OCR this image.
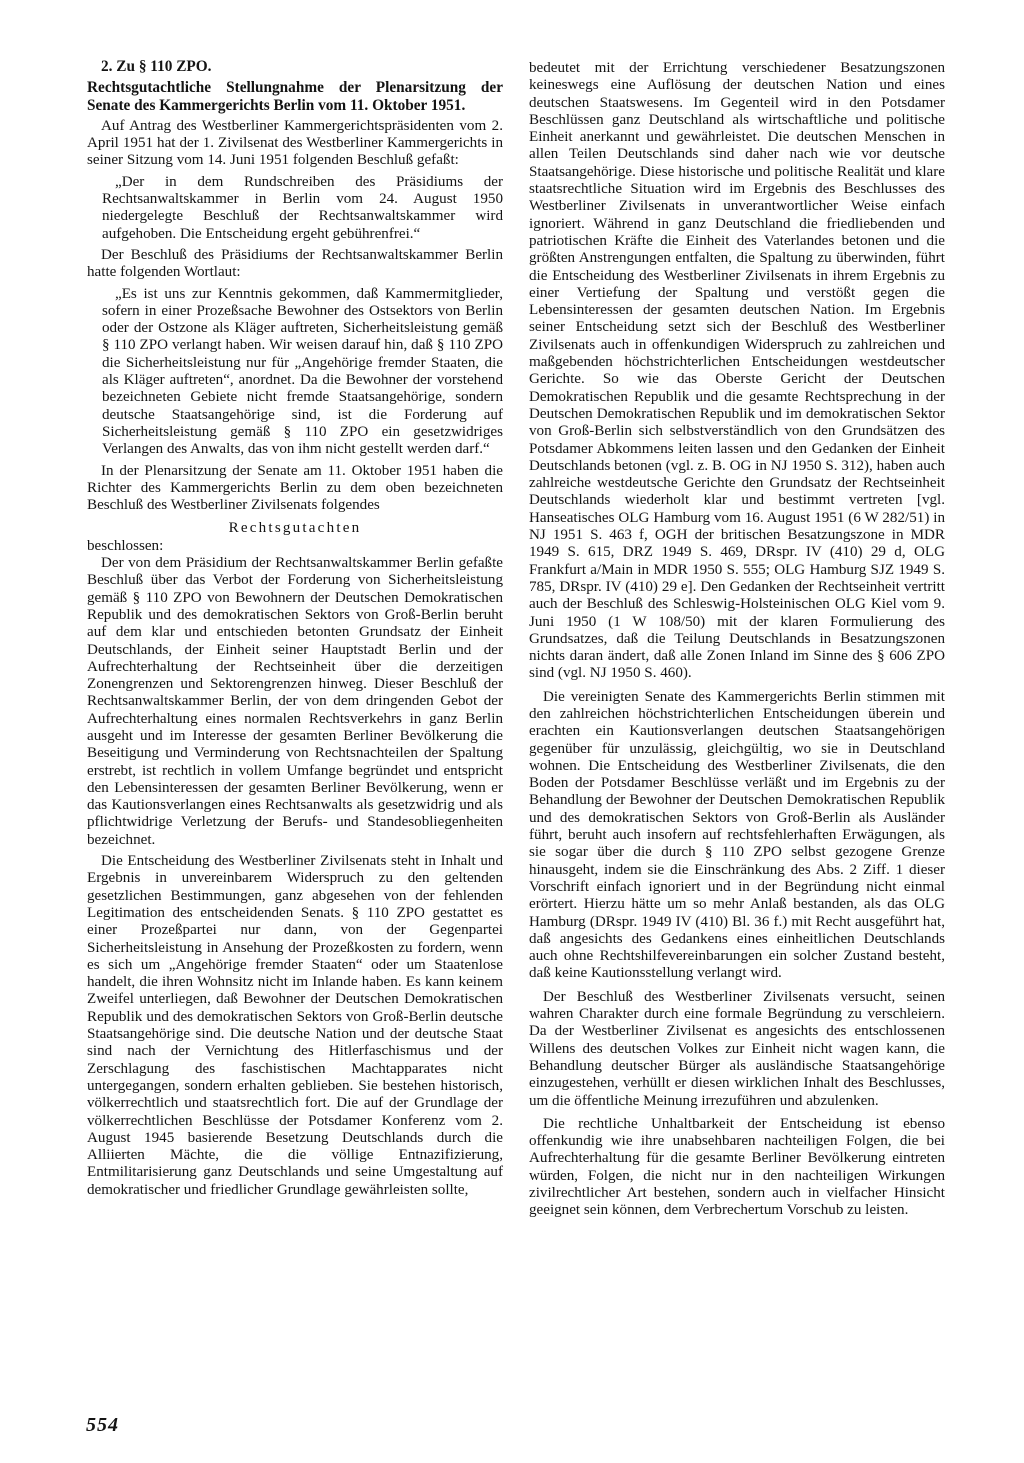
2. Zu § 110 ZPO.

Rechtsgutachtliche Stellungnahme der Plenarsitzung der Senate des Kammergerichts Berlin vom 11. Oktober 1951.

Auf Antrag des Westberliner Kammergerichtspräsidenten vom 2. April 1951 hat der 1. Zivilsenat des Westberliner Kammergerichts in seiner Sitzung vom 14. Juni 1951 folgenden Beschluß gefaßt:

„Der in dem Rundschreiben des Präsidiums der Rechtsanwaltskammer in Berlin vom 24. August 1950 niedergelegte Beschluß der Rechtsanwaltskammer wird aufgehoben. Die Entscheidung ergeht gebührenfrei.“

Der Beschluß des Präsidiums der Rechtsanwaltskammer Berlin hatte folgenden Wortlaut:

„Es ist uns zur Kenntnis gekommen, daß Kammermitglieder, sofern in einer Prozeßsache Bewohner des Ostsektors von Berlin oder der Ostzone als Kläger auftreten, Sicherheitsleistung gemäß § 110 ZPO verlangt haben. Wir weisen darauf hin, daß § 110 ZPO die Sicherheitsleistung nur für „Angehörige fremder Staaten, die als Kläger auftreten“, anordnet. Da die Bewohner der vorstehend bezeichneten Gebiete nicht fremde Staatsangehörige, sondern deutsche Staatsangehörige sind, ist die Forderung auf Sicherheitsleistung gemäß § 110 ZPO ein gesetzwidriges Verlangen des Anwalts, das von ihm nicht gestellt werden darf.“

In der Plenarsitzung der Senate am 11. Oktober 1951 haben die Richter des Kammergerichts Berlin zu dem oben bezeichneten Beschluß des Westberliner Zivilsenats folgendes

Rechtsgutachten

beschlossen:

Der von dem Präsidium der Rechtsanwaltskammer Berlin gefaßte Beschluß über das Verbot der Forderung von Sicherheitsleistung gemäß § 110 ZPO von Bewohnern der Deutschen Demokratischen Republik und des demokratischen Sektors von Groß-Berlin beruht auf dem klar und entschieden betonten Grundsatz der Einheit Deutschlands, der Einheit seiner Hauptstadt Berlin und der Aufrechterhaltung der Rechtseinheit über die derzeitigen Zonengrenzen und Sektorengrenzen hinweg. Dieser Beschluß der Rechtsanwaltskammer Berlin, der von dem dringenden Gebot der Aufrechterhaltung eines normalen Rechtsverkehrs in ganz Berlin ausgeht und im Interesse der gesamten Berliner Bevölkerung die Beseitigung und Verminderung von Rechtsnachteilen der Spaltung erstrebt, ist rechtlich in vollem Umfange begründet und entspricht den Lebensinteressen der gesamten Berliner Bevölkerung, wenn er das Kautionsverlangen eines Rechtsanwalts als gesetzwidrig und als pflichtwidrige Verletzung der Berufs- und Standesobliegenheiten bezeichnet.

Die Entscheidung des Westberliner Zivilsenats steht in Inhalt und Ergebnis in unvereinbarem Widerspruch zu den geltenden gesetzlichen Bestimmungen, ganz abgesehen von der fehlenden Legitimation des entscheidenden Senats. § 110 ZPO gestattet es einer Prozeßpartei nur dann, von der Gegenpartei Sicherheitsleistung in Ansehung der Prozeßkosten zu fordern, wenn es sich um „Angehörige fremder Staaten“ oder um Staatenlose handelt, die ihren Wohnsitz nicht im Inlande haben. Es kann keinem Zweifel unterliegen, daß Bewohner der Deutschen Demokratischen Republik und des demokratischen Sektors von Groß-Berlin deutsche Staatsangehörige sind. Die deutsche Nation und der deutsche Staat sind nach der Vernichtung des Hitlerfaschismus und der Zerschlagung des faschistischen Machtapparates nicht untergegangen, sondern erhalten geblieben. Sie bestehen historisch, völkerrechtlich und staatsrechtlich fort. Die auf der Grundlage der völkerrechtlichen Beschlüsse der Potsdamer Konferenz vom 2. August 1945 basierende Besetzung Deutschlands durch die Alliierten Mächte, die die völlige Entnazifizierung, Entmilitarisierung ganz Deutschlands und seine Umgestaltung auf demokratischer und friedlicher Grundlage gewährleisten sollte,

bedeutet mit der Errichtung verschiedener Besatzungszonen keineswegs eine Auflösung der deutschen Nation und eines deutschen Staatswesens. Im Gegenteil wird in den Potsdamer Beschlüssen ganz Deutschland als wirtschaftliche und politische Einheit anerkannt und gewährleistet. Die deutschen Menschen in allen Teilen Deutschlands sind daher nach wie vor deutsche Staatsangehörige. Diese historische und politische Realität und klare staatsrechtliche Situation wird im Ergebnis des Beschlusses des Westberliner Zivilsenats in unverantwortlicher Weise einfach ignoriert. Während in ganz Deutschland die friedliebenden und patriotischen Kräfte die Einheit des Vaterlandes betonen und die größten Anstrengungen entfalten, die Spaltung zu überwinden, führt die Entscheidung des Westberliner Zivilsenats in ihrem Ergebnis zu einer Vertiefung der Spaltung und verstößt gegen die Lebensinteressen der gesamten deutschen Nation. Im Ergebnis seiner Entscheidung setzt sich der Beschluß des Westberliner Zivilsenats auch in offenkundigen Widerspruch zu zahlreichen und maßgebenden höchstrichterlichen Entscheidungen westdeutscher Gerichte. So wie das Oberste Gericht der Deutschen Demokratischen Republik und die gesamte Rechtsprechung in der Deutschen Demokratischen Republik und im demokratischen Sektor von Groß-Berlin sich selbstverständlich von den Grundsätzen des Potsdamer Abkommens leiten lassen und den Gedanken der Einheit Deutschlands betonen (vgl. z. B. OG in NJ 1950 S. 312), haben auch zahlreiche westdeutsche Gerichte den Grundsatz der Rechtseinheit Deutschlands wiederholt klar und bestimmt vertreten [vgl. Hanseatisches OLG Hamburg vom 16. August 1951 (6 W 282/51) in NJ 1951 S. 463 f, OGH der britischen Besatzungszone in MDR 1949 S. 615, DRZ 1949 S. 469, DRspr. IV (410) 29 d, OLG Frankfurt a/Main in MDR 1950 S. 555; OLG Hamburg SJZ 1949 S. 785, DRspr. IV (410) 29 e]. Den Gedanken der Rechtseinheit vertritt auch der Beschluß des Schleswig-Holsteinischen OLG Kiel vom 9. Juni 1950 (1 W 108/50) mit der klaren Formulierung des Grundsatzes, daß die Teilung Deutschlands in Besatzungszonen nichts daran ändert, daß alle Zonen Inland im Sinne des § 606 ZPO sind (vgl. NJ 1950 S. 460).

Die vereinigten Senate des Kammergerichts Berlin stimmen mit den zahlreichen höchstrichterlichen Entscheidungen überein und erachten ein Kautionsverlangen deutschen Staatsangehörigen gegenüber für unzulässig, gleichgültig, wo sie in Deutschland wohnen. Die Entscheidung des Westberliner Zivilsenats, die den Boden der Potsdamer Beschlüsse verläßt und im Ergebnis zu der Behandlung der Bewohner der Deutschen Demokratischen Republik und des demokratischen Sektors von Groß-Berlin als Ausländer führt, beruht auch insofern auf rechtsfehlerhaften Erwägungen, als sie sogar über die durch § 110 ZPO selbst gezogene Grenze hinausgeht, indem sie die Einschränkung des Abs. 2 Ziff. 1 dieser Vorschrift einfach ignoriert und in der Begründung nicht einmal erörtert. Hierzu hätte um so mehr Anlaß bestanden, als das OLG Hamburg (DRspr. 1949 IV (410) Bl. 36 f.) mit Recht ausgeführt hat, daß angesichts des Gedankens eines einheitlichen Deutschlands auch ohne Rechtshilfevereinbarungen ein solcher Zustand besteht, daß keine Kautionsstellung verlangt wird.

Der Beschluß des Westberliner Zivilsenats versucht, seinen wahren Charakter durch eine formale Begründung zu verschleiern. Da der Westberliner Zivilsenat es angesichts des entschlossenen Willens des deutschen Volkes zur Einheit nicht wagen kann, die Behandlung deutscher Bürger als ausländische Staatsangehörige einzugestehen, verhüllt er diesen wirklichen Inhalt des Beschlusses, um die öffentliche Meinung irrezuführen und abzulenken.

Die rechtliche Unhaltbarkeit der Entscheidung ist ebenso offenkundig wie ihre unabsehbaren nachteiligen Folgen, die bei Aufrechterhaltung für die gesamte Berliner Bevölkerung eintreten würden, Folgen, die nicht nur in den nachteiligen Wirkungen zivilrechtlicher Art bestehen, sondern auch in vielfacher Hinsicht geeignet sein können, dem Verbrechertum Vorschub zu leisten.

554
